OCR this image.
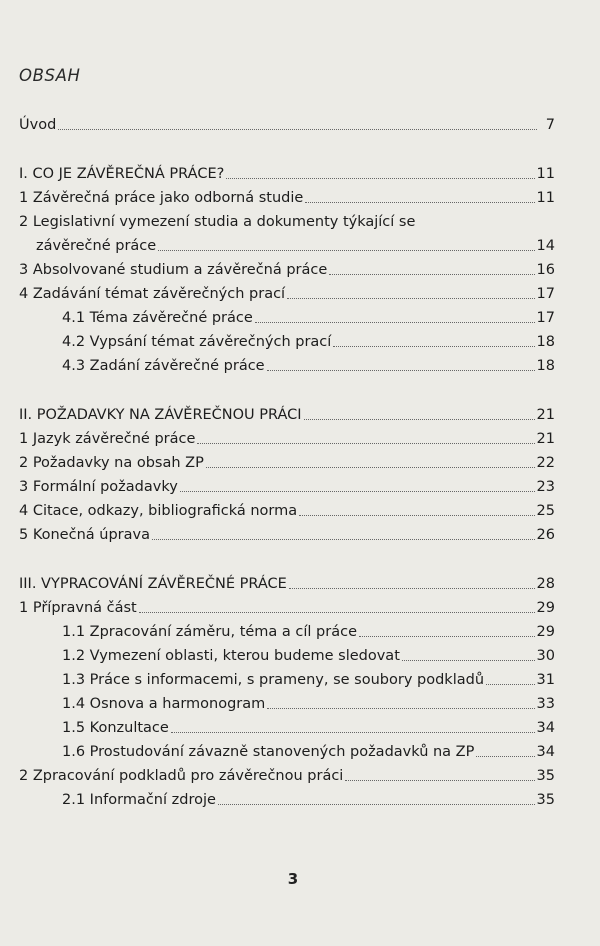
OBSAH
Úvod	7
I. CO JE ZÁVĚREČNÁ PRÁCE?	11
1 Závěrečná práce jako odborná studie	11
2 Legislativní vymezení studia a dokumenty týkající se
závěrečné práce	14
3 Absolvované studium a závěrečná práce	16
4 Zadávání témat závěrečných prací	17
4.1 Téma závěrečné práce	17
4.2 Vypsání témat závěrečných prací	18
4.3 Zadání závěrečné práce	18
II. POŽADAVKY NA ZÁVĚREČNOU PRÁCI	21
1 Jazyk závěrečné práce	21
2 Požadavky na obsah ZP	22
3 Formální požadavky	23
4 Citace, odkazy, bibliografická norma	25
5 Konečná úprava	26
III. VYPRACOVÁNÍ ZÁVĚREČNÉ PRÁCE	28
1 Přípravná část	29
1.1 Zpracování záměru, téma a cíl práce	29
1.2 Vymezení oblasti, kterou budeme sledovat	30
1.3 Práce s informacemi, s prameny, se soubory podkladů	31
1.4 Osnova a harmonogram	33
1.5 Konzultace	34
1.6 Prostudování závazně stanovených požadavků na ZP	34
2 Zpracování podkladů pro závěrečnou práci	35
2.1 Informační zdroje	35
3
